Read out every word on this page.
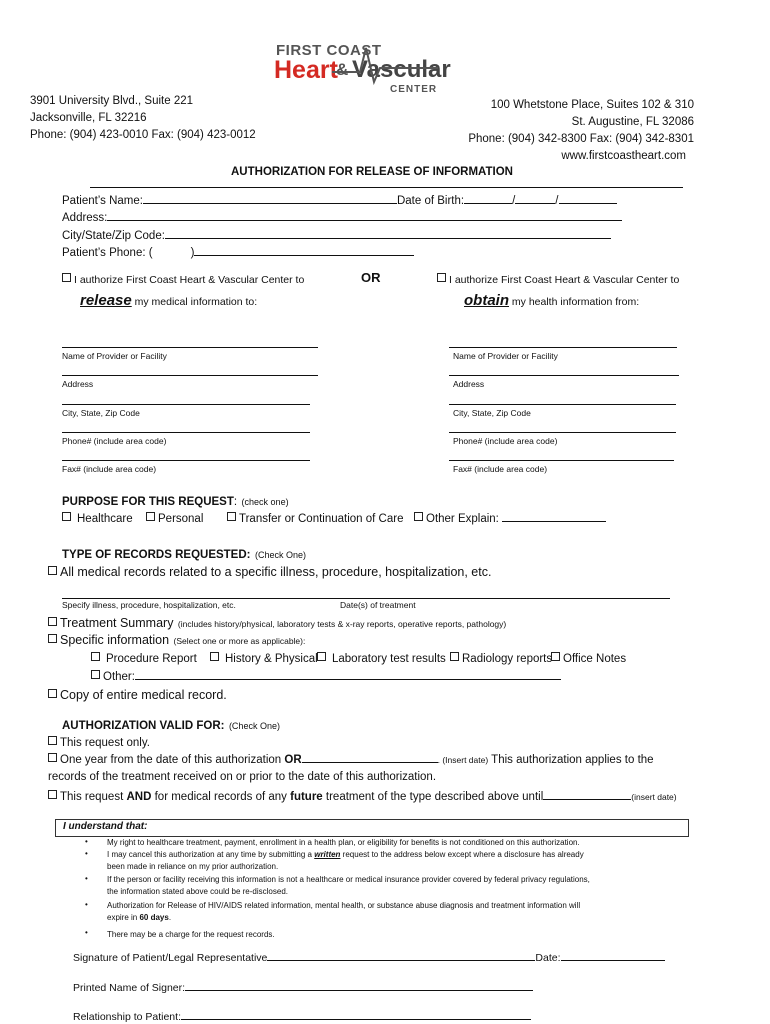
FIRST COAST
Heart
& Vascular
CENTER
3901 University Blvd., Suite 221
Jacksonville, FL 32216
Phone: (904) 423-0010 Fax: (904) 423-0012
100 Whetstone Place, Suites 102 & 310
St. Augustine, FL 32086
Phone: (904) 342-8300 Fax: (904) 342-8301
www.firstcoastheart.com
AUTHORIZATION FOR RELEASE OF INFORMATION
Patient’s Name:	Date of Birth:	/	/
Address:
City/State/Zip Code:
Patient’s Phone: (	)
I authorize First Coast Heart & Vascular Center to	OR	I authorize First Coast Heart & Vascular Center to
release my medical information to:	obtain my health information from:
Name of Provider or Facility
Address
City, State, Zip Code
Phone# (include area code)
Fax# (include area code)
Name of Provider or Facility
Address
City, State, Zip Code
Phone# (include area code)
Fax# (include area code)
PURPOSE FOR THIS REQUEST: (check one)
Healthcare	Personal	Transfer or Continuation of Care	Other Explain:
TYPE OF RECORDS REQUESTED: (Check One)
All medical records related to a specific illness, procedure, hospitalization, etc.
Specify illness, procedure, hospitalization, etc.	Date(s) of treatment
Treatment Summary (includes history/physical, laboratory tests & x-ray reports, operative reports, pathology)
Specific information (Select one or more as applicable):
Procedure Report	History & Physical	Laboratory test results	Radiology reports Office Notes
Other:
Copy of entire medical record.
AUTHORIZATION VALID FOR: (Check One)
This request only.
One year from the date of this authorization OR	. (Insert date) This authorization applies to the
records of the treatment received on or prior to the date of this authorization.
This request AND for medical records of any future treatment of the type described above until	(insert date)
I understand that:
• My right to healthcare treatment, payment, enrollment in a health plan, or eligibility for benefits is not conditioned on this authorization.
• I may cancel this authorization at any time by submitting a written request to the address below except where a disclosure has already
been made in reliance on my prior authorization.
• If the person or facility receiving this information is not a healthcare or medical insurance provider covered by federal privacy regulations,
the information stated above could be re-disclosed.
• Authorization for Release of HIV/AIDS related information, mental health, or substance abuse diagnosis and treatment information will
expire in 60 days.
• There may be a charge for the request records.
Signature of Patient/Legal Representative	Date:
Printed Name of Signer:
Relationship to Patient:
